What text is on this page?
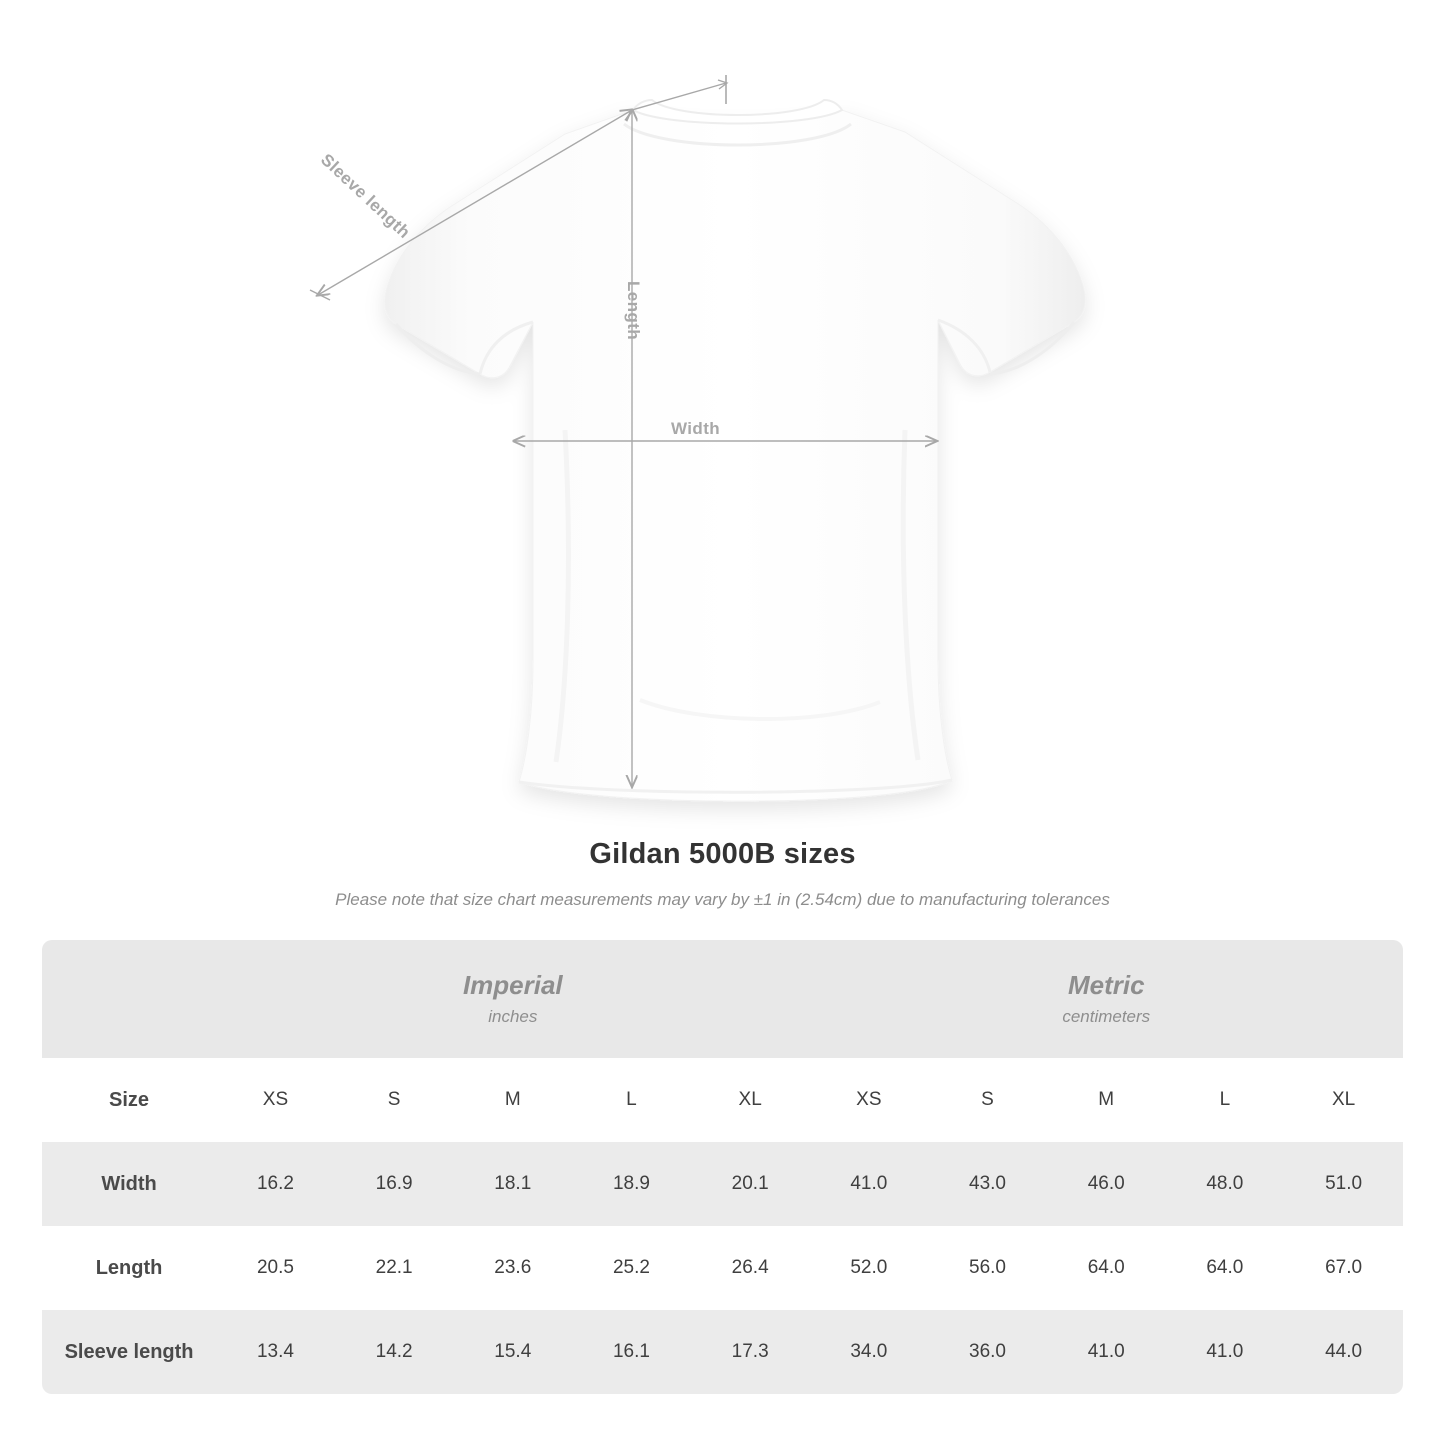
Sleeve length
Length
Width
Gildan 5000B sizes
Please note that size chart measurements may vary by ±1 in (2.54cm) due to manufacturing tolerances

	Imperial
inches					Metric
centimeters				

Size	XS	S	M	L	XL	XS	S	M	L	XL
Width	16.2	16.9	18.1	18.9	20.1	41.0	43.0	46.0	48.0	51.0
Length	20.5	22.1	23.6	25.2	26.4	52.0	56.0	64.0	64.0	67.0
Sleeve length	13.4	14.2	15.4	16.1	17.3	34.0	36.0	41.0	41.0	44.0
